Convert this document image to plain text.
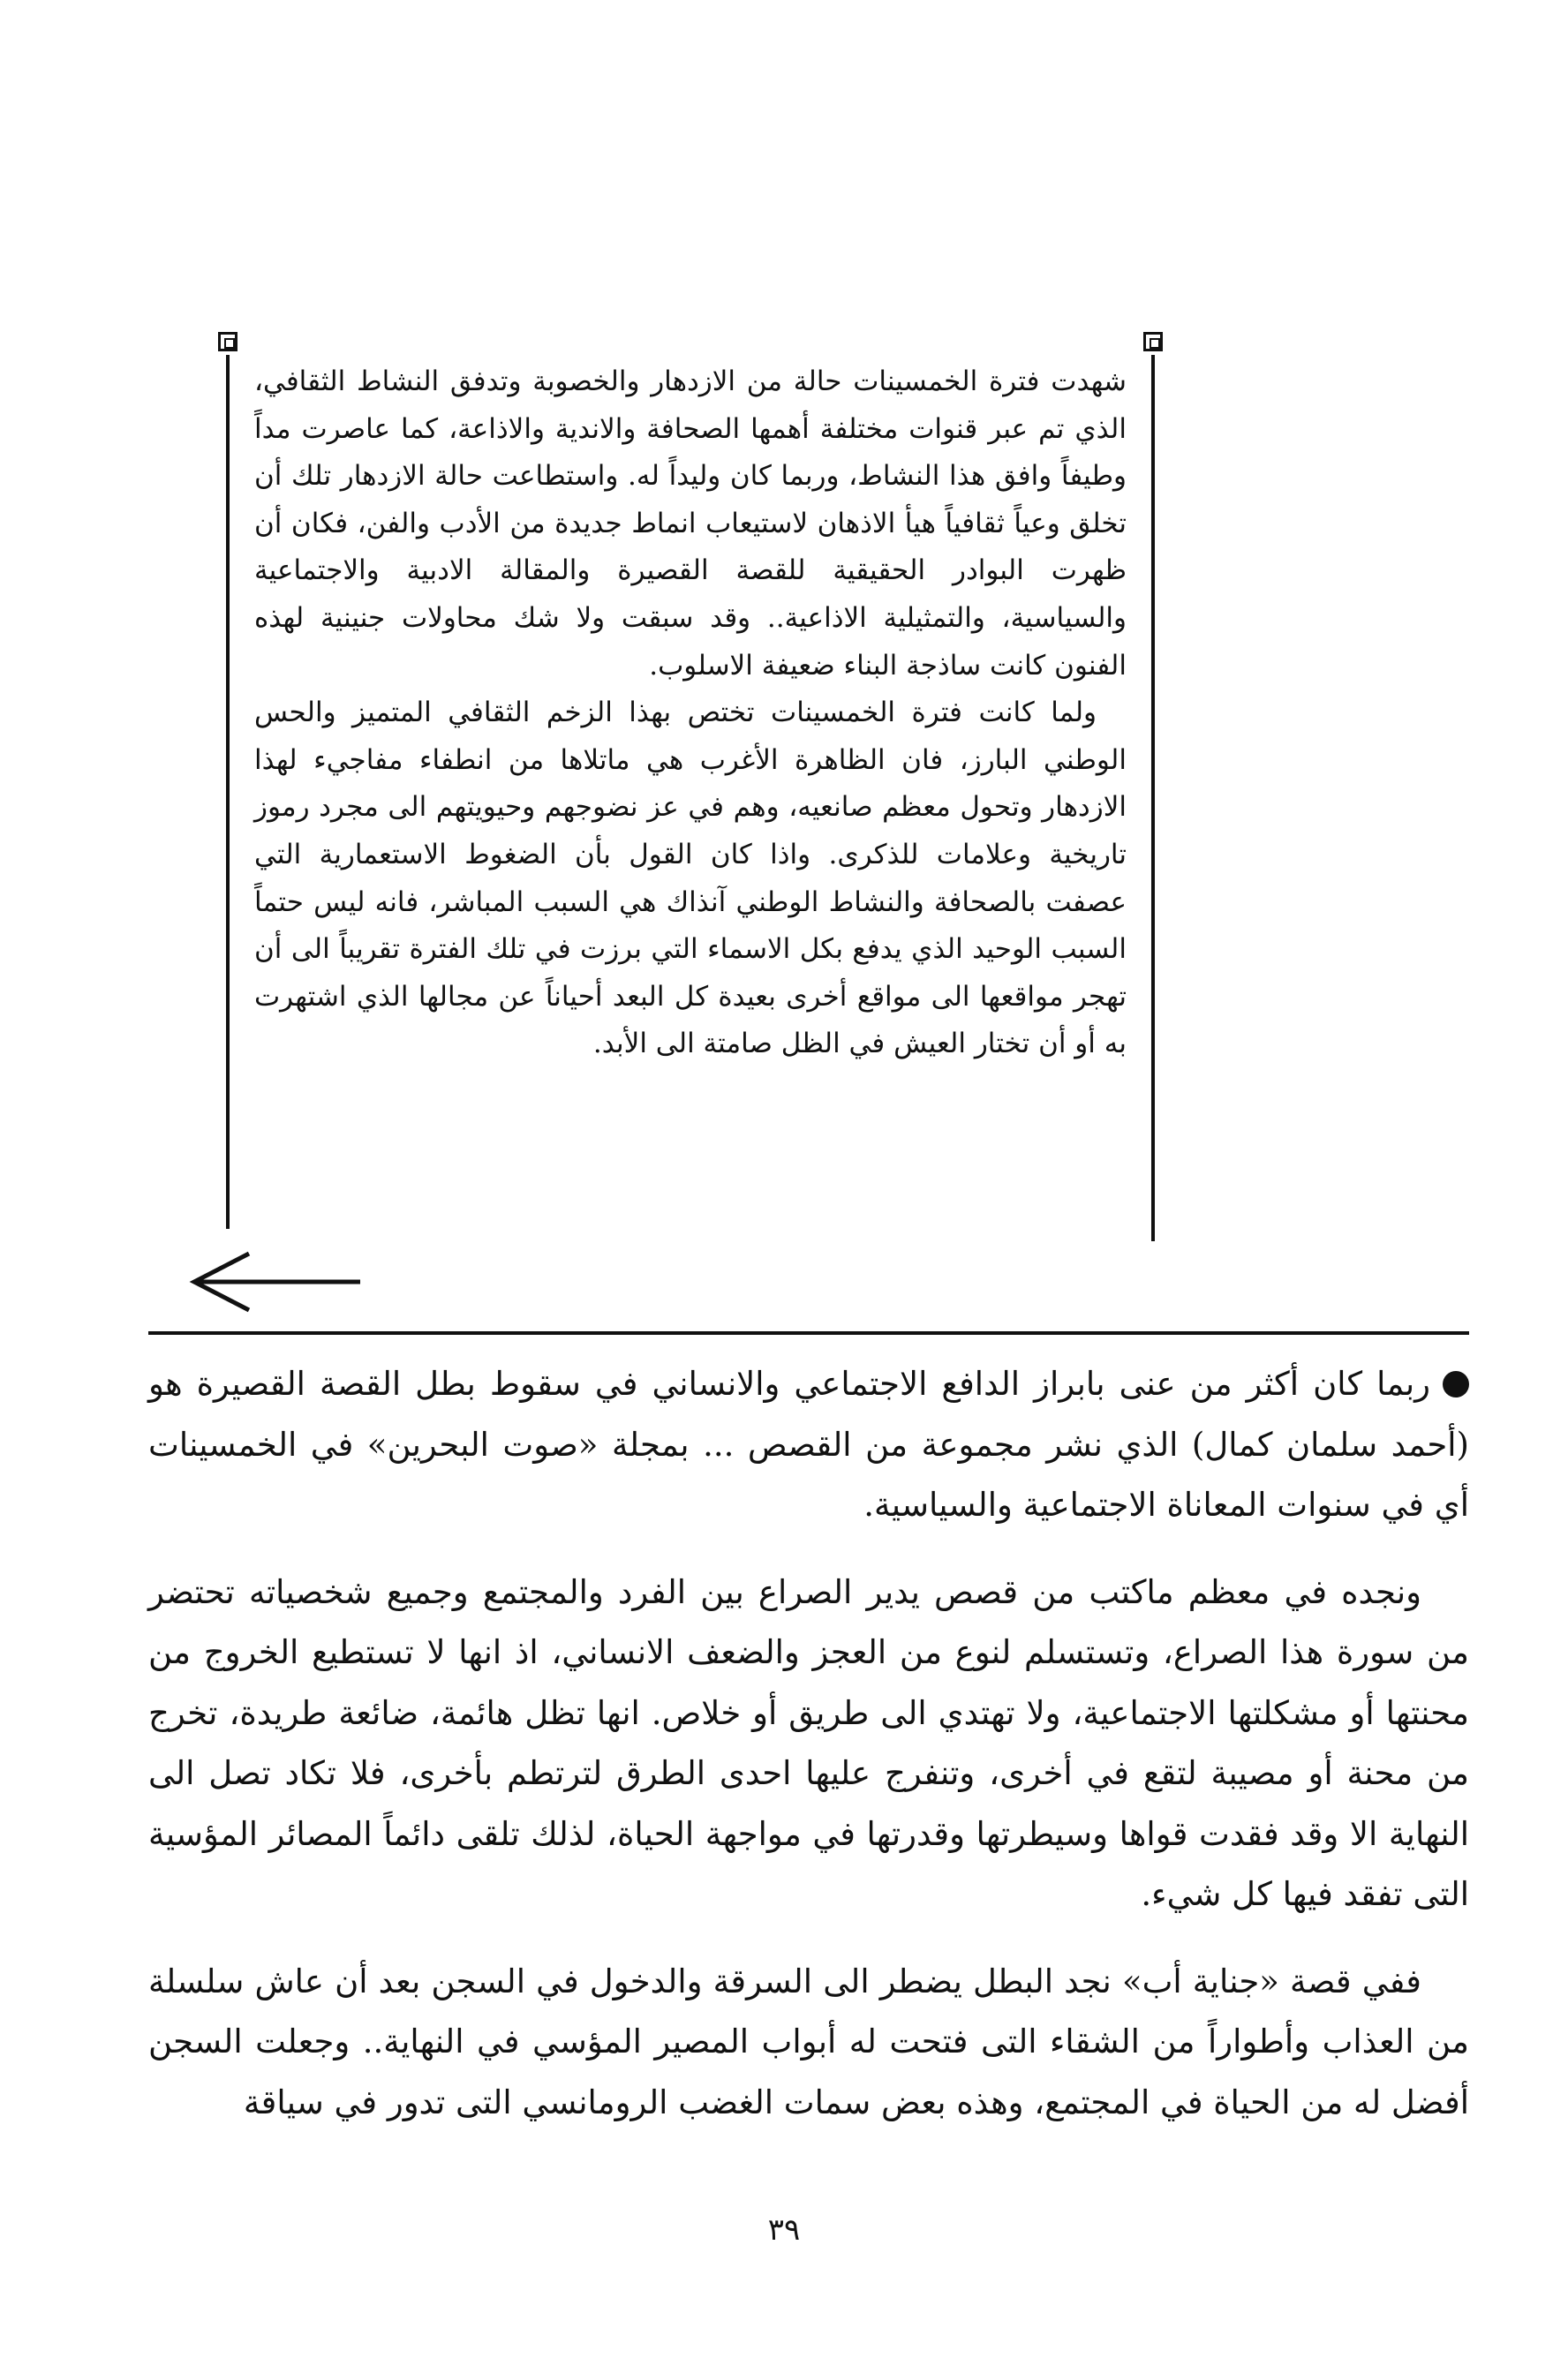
شهدت فترة الخمسينات حالة من الازدهار والخصوبة وتدفق النشاط الثقافي، الذي تم عبر قنوات مختلفة أهمها الصحافة والاندية والاذاعة، كما عاصرت مداً وطيفاً وافق هذا النشاط، وربما كان وليداً له. واستطاعت حالة الازدهار تلك أن تخلق وعياً ثقافياً هيأ الاذهان لاستيعاب انماط جديدة من الأدب والفن، فكان أن ظهرت البوادر الحقيقية للقصة القصيرة والمقالة الادبية والاجتماعية والسياسية، والتمثيلية الاذاعية.. وقد سبقت ولا شك محاولات جنينية لهذه الفنون كانت ساذجة البناء ضعيفة الاسلوب.

ولما كانت فترة الخمسينات تختص بهذا الزخم الثقافي المتميز والحس الوطني البارز، فان الظاهرة الأغرب هي ماتلاها من انطفاء مفاجيء لهذا الازدهار وتحول معظم صانعيه، وهم في عز نضوجهم وحيويتهم الى مجرد رموز تاريخية وعلامات للذكرى. واذا كان القول بأن الضغوط الاستعمارية التي عصفت بالصحافة والنشاط الوطني آنذاك هي السبب المباشر، فانه ليس حتماً السبب الوحيد الذي يدفع بكل الاسماء التي برزت في تلك الفترة تقريباً الى أن تهجر مواقعها الى مواقع أخرى بعيدة كل البعد أحياناً عن مجالها الذي اشتهرت به أو أن تختار العيش في الظل صامتة الى الأبد.

ربما كان أكثر من عنى بابراز الدافع الاجتماعي والانساني في سقوط بطل القصة القصيرة هو (أحمد سلمان كمال) الذي نشر مجموعة من القصص ... بمجلة «صوت البحرين» في الخمسينات أي في سنوات المعاناة الاجتماعية والسياسية.

ونجده في معظم ماكتب من قصص يدير الصراع بين الفرد والمجتمع وجميع شخصياته تحتضر من سورة هذا الصراع، وتستسلم لنوع من العجز والضعف الانساني، اذ انها لا تستطيع الخروج من محنتها أو مشكلتها الاجتماعية، ولا تهتدي الى طريق أو خلاص. انها تظل هائمة، ضائعة طريدة، تخرج من محنة أو مصيبة لتقع في أخرى، وتنفرج عليها احدى الطرق لترتطم بأخرى، فلا تكاد تصل الى النهاية الا وقد فقدت قواها وسيطرتها وقدرتها في مواجهة الحياة، لذلك تلقى دائماً المصائر المؤسية التى تفقد فيها كل شيء.

ففي قصة «جناية أب» نجد البطل يضطر الى السرقة والدخول في السجن بعد أن عاش سلسلة من العذاب وأطواراً من الشقاء التى فتحت له أبواب المصير المؤسي في النهاية.. وجعلت السجن أفضل له من الحياة في المجتمع، وهذه بعض سمات الغضب الرومانسي التى تدور في سياقة

٣٩
